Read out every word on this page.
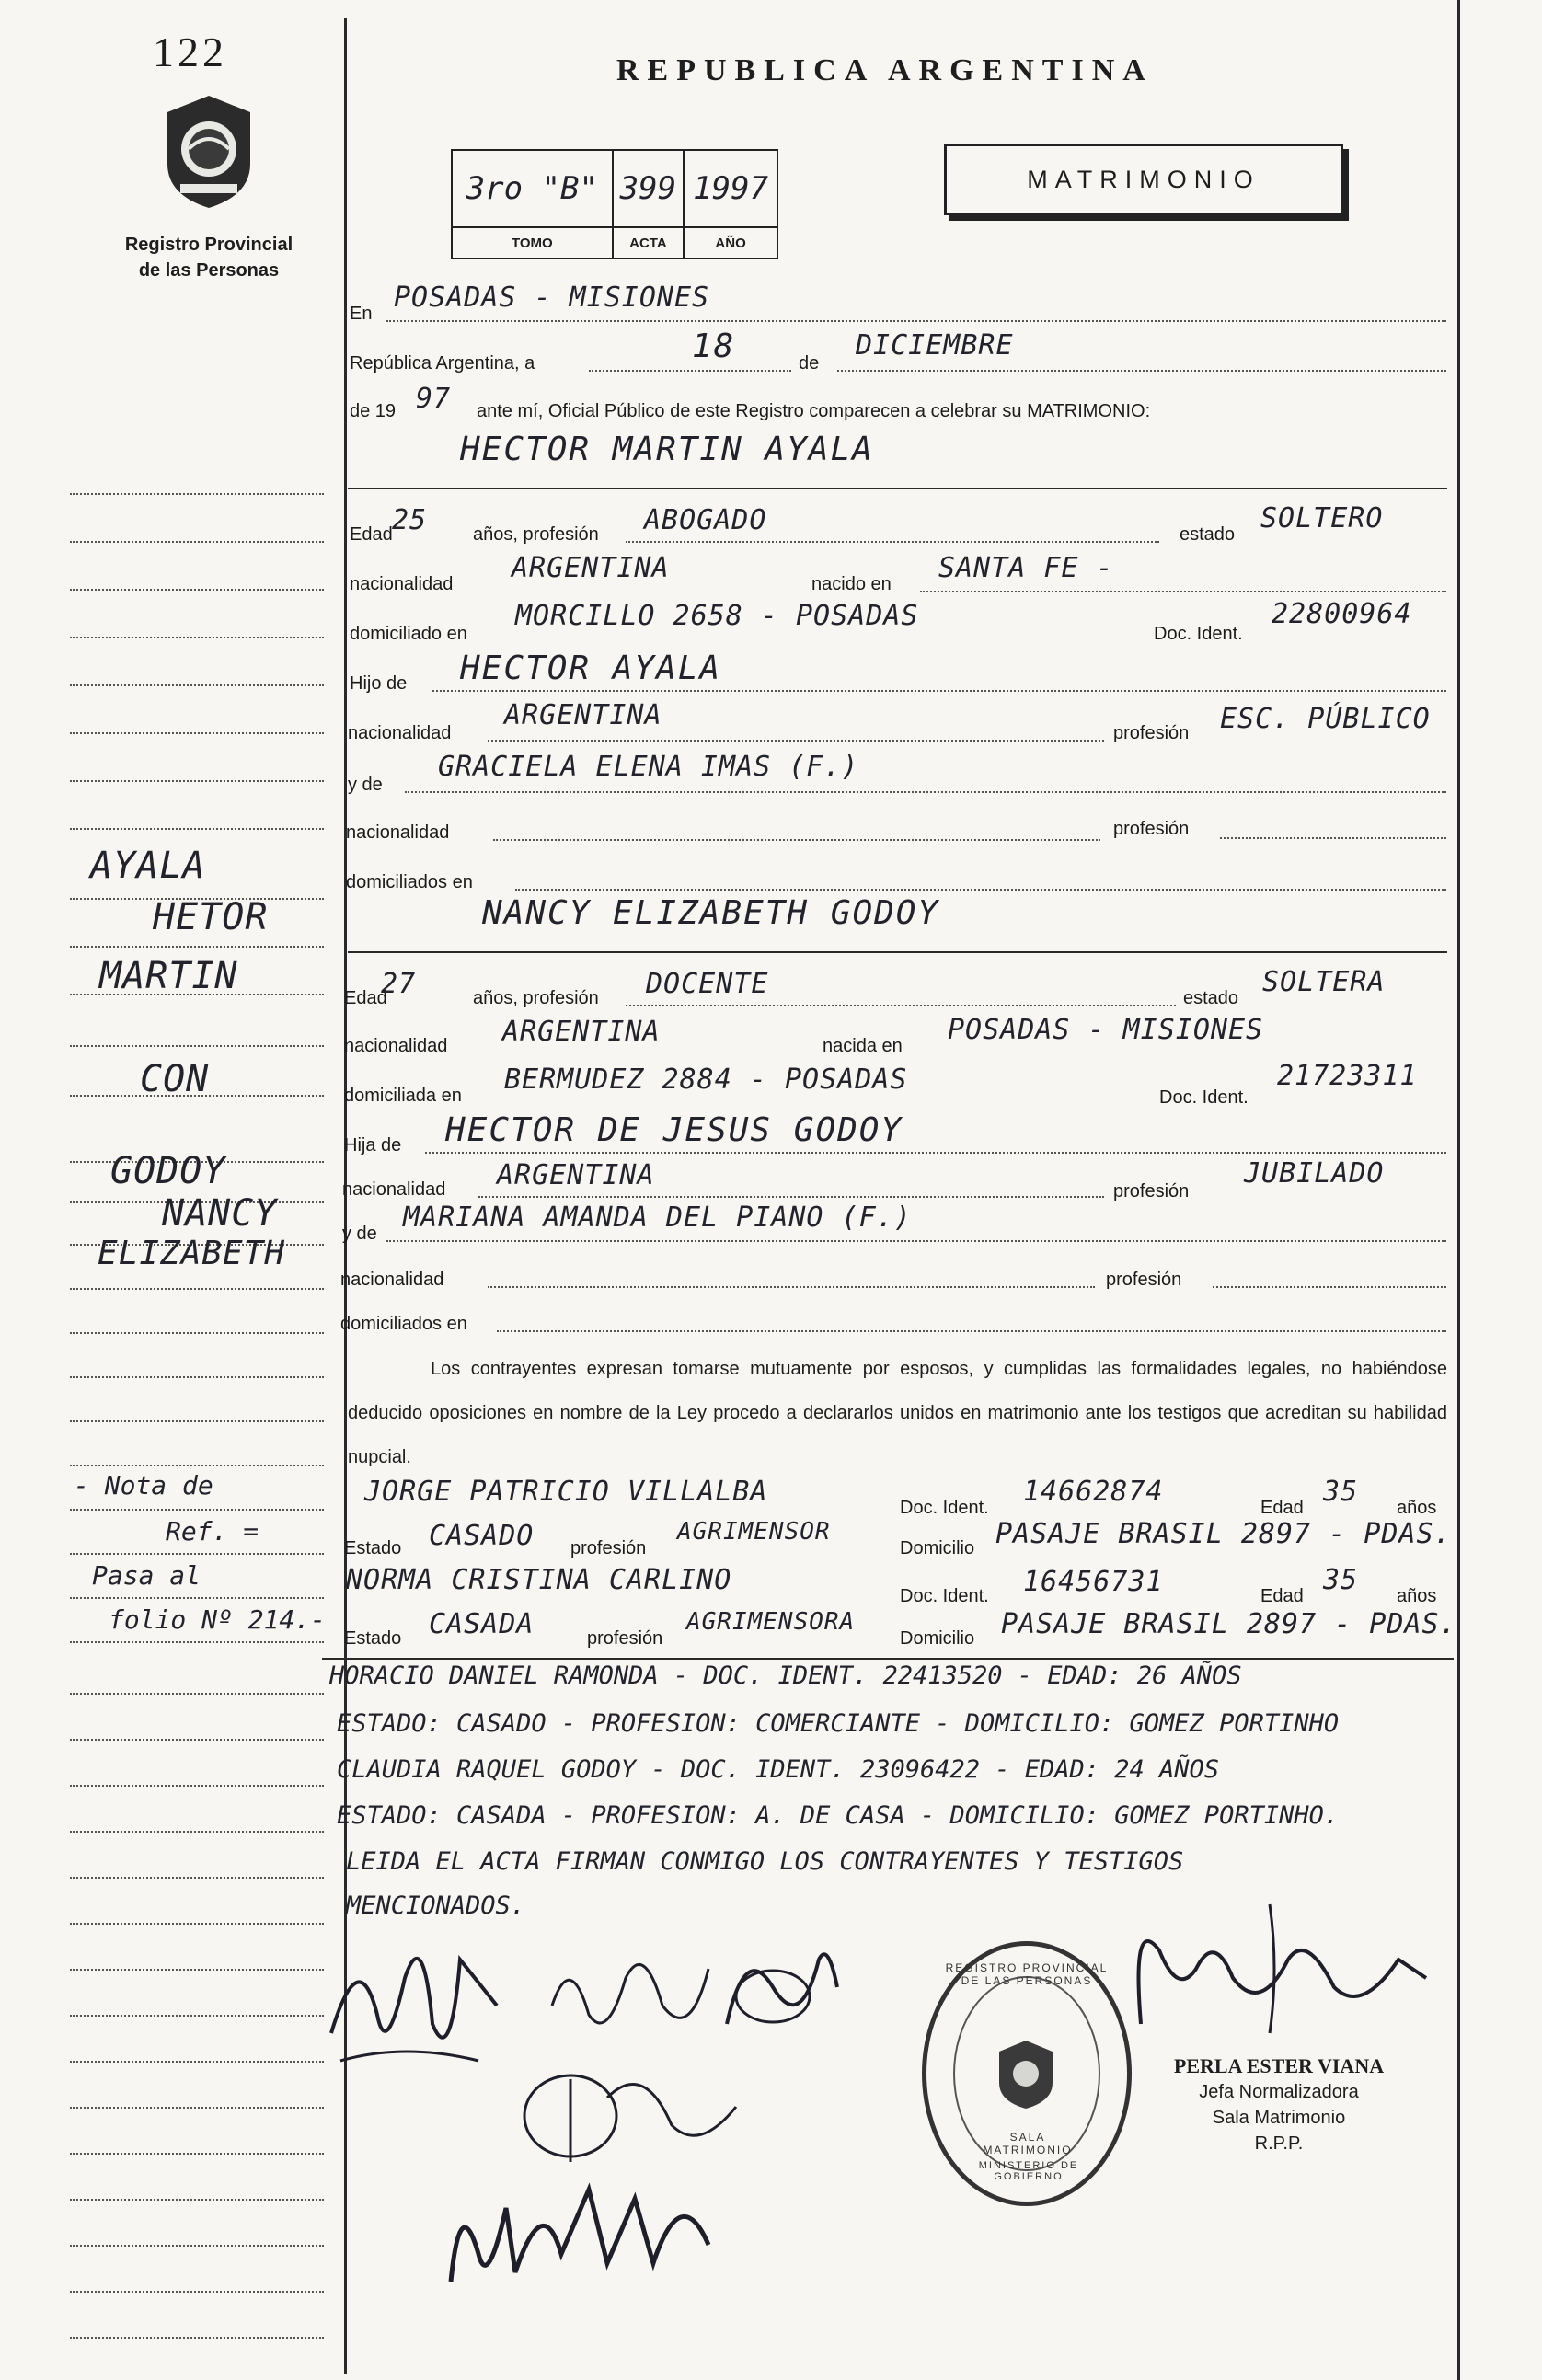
122
Registro Provincial
de las Personas
REPUBLICA ARGENTINA
3ro "B"	399	1997
TOMO	ACTA	AÑO
MATRIMONIO
En POSADAS - MISIONES
República Argentina, a	18	de
DICIEMBRE
de 19 97 ante mí, Oficial Público de este Registro comparecen a celebrar su MATRIMONIO:
HECTOR MARTIN AYALA
Edad 25 años, profesión ABOGADO	estado SOLTERO
nacionalidad ARGENTINA	nacido en SANTA FE -
domiciliado en
MORCILLO 2658 - POSADAS
Doc. Ident.
22800964
Hijo de HECTOR AYALA
nacionalidad
ARGENTINA
profesión ESC. PÚBLICO
y de
GRACIELA ELENA IMAS (F.)
nacionalidad	profesión
domiciliados en
NANCY ELIZABETH GODOY
Edad
27	años, profesión DOCENTE	estado SOLTERA
nacionalidad ARGENTINA	nacida en POSADAS - MISIONES
domiciliada en BERMUDEZ 2884 - POSADAS
Doc. Ident.
21723311
Hija de HECTOR DE JESUS GODOY
nacionalidad ARGENTINA	profesión
JUBILADO
y de MARIANA AMANDA DEL PIANO (F.)
nacionalidad	profesión
domiciliados en
Los contrayentes expresan tomarse mutuamente por esposos, y cumplidas las formalidades legales, no habiéndose deducido oposiciones en nombre de la Ley procedo a declararlos unidos en matrimonio ante los testigos que acreditan su habilidad nupcial.
JORGE PATRICIO VILLALBA	Doc. Ident. 14662874	Edad 35 años
Estado CASADO profesión
AGRIMENSOR
Domicilio PASAJE BRASIL 2897 - PDAS.
NORMA CRISTINA CARLINO	Doc. Ident. 16456731	Edad 35 años
Estado CASADA	profesión
AGRIMENSORA
Domicilio PASAJE BRASIL 2897 - PDAS.
HORACIO DANIEL RAMONDA - DOC. IDENT. 22413520 - EDAD: 26 AÑOS
ESTADO: CASADO - PROFESION: COMERCIANTE - DOMICILIO: GOMEZ PORTINHO
CLAUDIA RAQUEL GODOY - DOC. IDENT. 23096422 - EDAD: 24 AÑOS
ESTADO: CASADA - PROFESION: A. DE CASA - DOMICILIO: GOMEZ PORTINHO.
LEIDA EL ACTA FIRMAN CONMIGO LOS CONTRAYENTES Y TESTIGOS
MENCIONADOS.
AYALA
HETOR
MARTIN
CON
GODOY
NANCY
ELIZABETH
- Nota de
Ref. =
Pasa al
folio Nº 214.-
REGISTRO PROVINCIAL DE LAS PERSONAS
SALA MATRIMONIO
MINISTERIO DE GOBIERNO
PERLA ESTER VIANA
Jefa Normalizadora
Sala Matrimonio
R.P.P.
